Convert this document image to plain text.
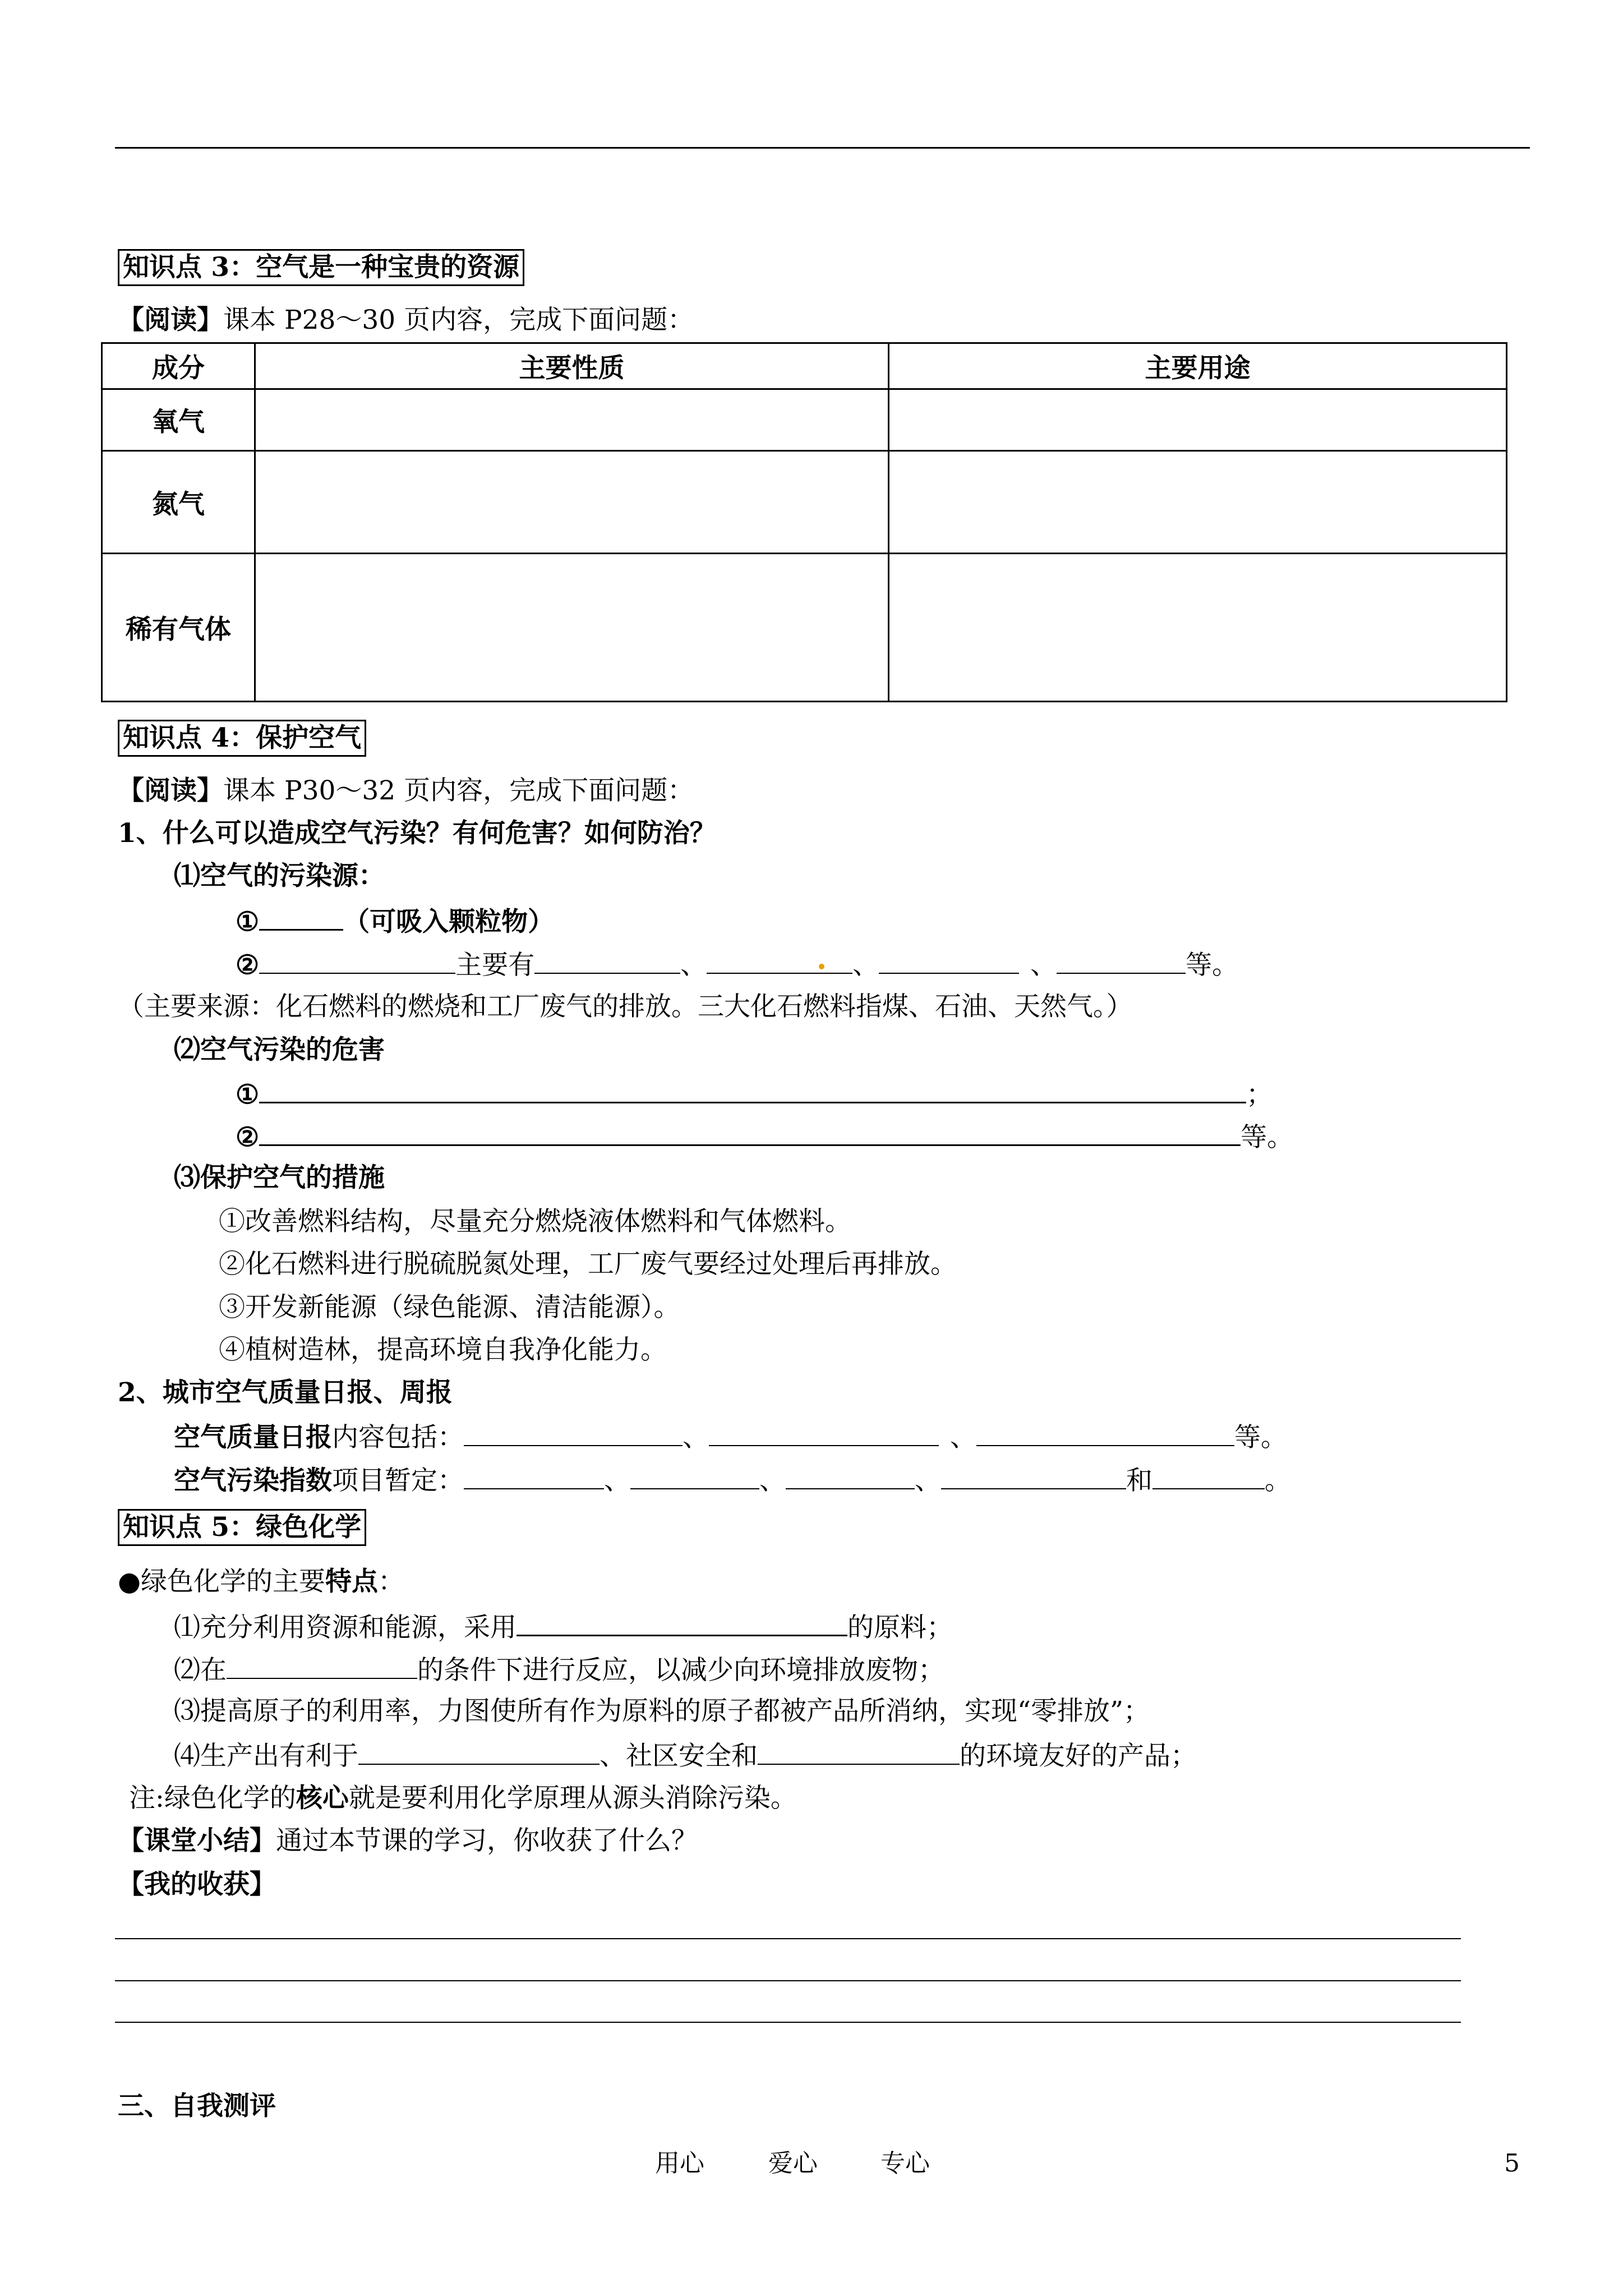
知识点 3：空气是一种宝贵的资源
【阅读】课本 P28～30 页内容，完成下面问题：
成分	主要性质	主要用途
氧气		
氮气		
稀有气体		
知识点 4：保护空气
【阅读】课本 P30～32 页内容，完成下面问题：
1、什么可以造成空气污染？有何危害？如何防治？
⑴空气的污染源：
①	（可吸入颗粒物）
②	主要有	、	、	、	等。
（主要来源：化石燃料的燃烧和工厂废气的排放。三大化石燃料指煤、石油、天然气。）
⑵空气污染的危害
①	；
②	等。
⑶保护空气的措施
①改善燃料结构，尽量充分燃烧液体燃料和气体燃料。
②化石燃料进行脱硫脱氮处理，工厂废气要经过处理后再排放。
③开发新能源（绿色能源、清洁能源）。
④植树造林，提高环境自我净化能力。
2、城市空气质量日报、周报
空气质量日报内容包括：	、	、	等。
空气污染指数项目暂定：	、	、	、	和	。
知识点 5：绿色化学
●绿色化学的主要特点：
⑴充分利用资源和能源，采用	的原料；
⑵在	的条件下进行反应，以减少向环境排放废物；
⑶提高原子的利用率，力图使所有作为原料的原子都被产品所消纳，实现“零排放”；
⑷生产出有利于	、社区安全和	的环境友好的产品；
注:绿色化学的核心就是要利用化学原理从源头消除污染。
【课堂小结】通过本节课的学习，你收获了什么？
【我的收获】
三、自我测评
用心	爱心	专心	5
